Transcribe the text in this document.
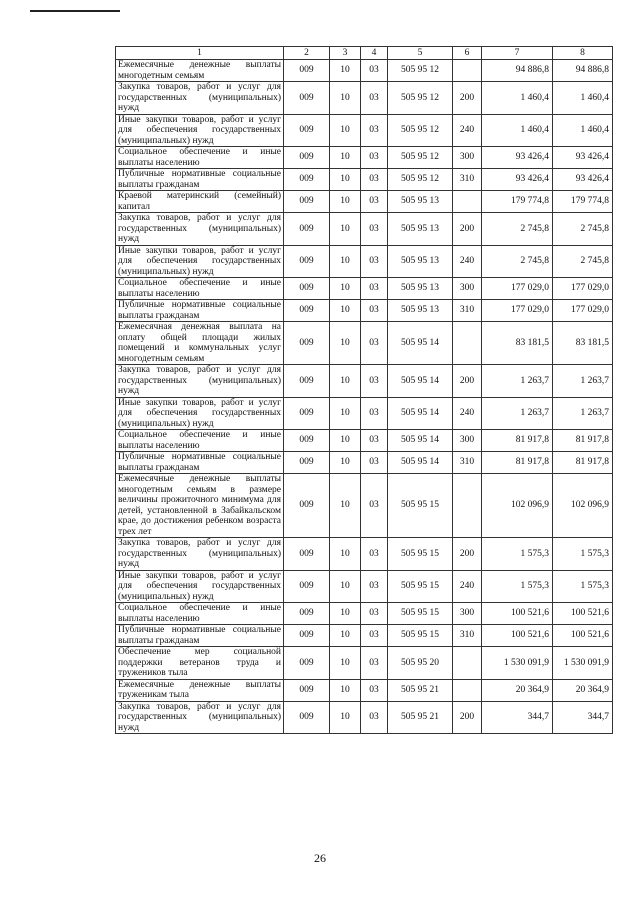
1	2	3	4	5	6	7	8
Ежемесячные денежные выплаты многодетным семьям	009	10	03	505 95 12		94 886,8	94 886,8
Закупка товаров, работ и услуг для государственных (муниципальных) нужд	009	10	03	505 95 12	200	1 460,4	1 460,4
Иные закупки товаров, работ и услуг для обеспечения государственных (муниципальных) нужд	009	10	03	505 95 12	240	1 460,4	1 460,4
Социальное обеспечение и иные выплаты населению	009	10	03	505 95 12	300	93 426,4	93 426,4
Публичные нормативные социальные выплаты гражданам	009	10	03	505 95 12	310	93 426,4	93 426,4
Краевой материнский (семейный) капитал	009	10	03	505 95 13		179 774,8	179 774,8
Закупка товаров, работ и услуг для государственных (муниципальных) нужд	009	10	03	505 95 13	200	2 745,8	2 745,8
Иные закупки товаров, работ и услуг для обеспечения государственных (муниципальных) нужд	009	10	03	505 95 13	240	2 745,8	2 745,8
Социальное обеспечение и иные выплаты населению	009	10	03	505 95 13	300	177 029,0	177 029,0
Публичные нормативные социальные выплаты гражданам	009	10	03	505 95 13	310	177 029,0	177 029,0
Ежемесячная денежная выплата на оплату общей площади жилых помещений и коммунальных услуг многодетным семьям	009	10	03	505 95 14		83 181,5	83 181,5
Закупка товаров, работ и услуг для государственных (муниципальных) нужд	009	10	03	505 95 14	200	1 263,7	1 263,7
Иные закупки товаров, работ и услуг для обеспечения государственных (муниципальных) нужд	009	10	03	505 95 14	240	1 263,7	1 263,7
Социальное обеспечение и иные выплаты населению	009	10	03	505 95 14	300	81 917,8	81 917,8
Публичные нормативные социальные выплаты гражданам	009	10	03	505 95 14	310	81 917,8	81 917,8
Ежемесячные денежные выплаты многодетным семьям в размере величины прожиточного минимума для детей, установленной в Забайкальском крае, до достижения ребенком возраста трех лет	009	10	03	505 95 15		102 096,9	102 096,9
Закупка товаров, работ и услуг для государственных (муниципальных) нужд	009	10	03	505 95 15	200	1 575,3	1 575,3
Иные закупки товаров, работ и услуг для обеспечения государственных (муниципальных) нужд	009	10	03	505 95 15	240	1 575,3	1 575,3
Социальное обеспечение и иные выплаты населению	009	10	03	505 95 15	300	100 521,6	100 521,6
Публичные нормативные социальные выплаты гражданам	009	10	03	505 95 15	310	100 521,6	100 521,6
Обеспечение мер социальной поддержки ветеранов труда и тружеников тыла	009	10	03	505 95 20		1 530 091,9	1 530 091,9
Ежемесячные денежные выплаты труженикам тыла	009	10	03	505 95 21		20 364,9	20 364,9
Закупка товаров, работ и услуг для государственных (муниципальных) нужд	009	10	03	505 95 21	200	344,7	344,7
26
